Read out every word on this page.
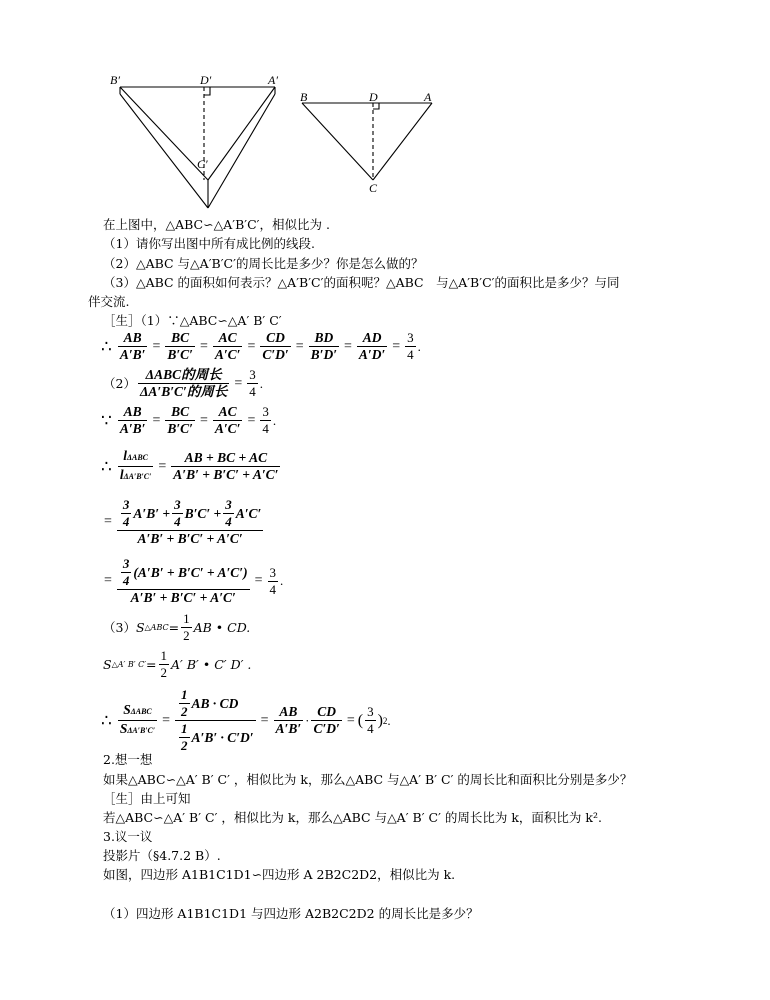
B′	D′	A′
C′
B	D	A
C
在上图中，△ABC∽△A′B′C′，相似比为 .
（1）请你写出图中所有成比例的线段.
（2）△ABC 与△A′B′C′的周长比是多少？你是怎么做的？
（3）△ABC 的面积如何表示？△A′B′C′的面积呢？△ABC　与△A′B′C′的面积比是多少？与同
伴交流.
［生］（1）∵△ABC∽△A′ B′ C′
∴ $\frac{AB}{A'B'} = \frac{BC}{B'C'} = \frac{AC}{A'C'} = \frac{CD}{C'D'} = \frac{BD}{B'D'} = \frac{AD}{A'D'} = \frac{3}{4}$ .
$(2) \frac{\text{ΔABC的周长}}{\text{ΔA′B′C′的周长}} = \frac{3}{4}$ .
∵ $\frac{AB}{A'B'} = \frac{BC}{B'C'} = \frac{AC}{A'C'} = \frac{3}{4}$ .
∴ $\frac{\text{lΔABC}}{\text{lΔA′B′C′}} = \frac{AB + BC + AC}{A'B' + B'C' + A'C'}$
= $\frac{\frac{3}{4} A'B' + \frac{3}{4} B'C' + \frac{3}{4} A'C'}{A'B' + B'C' + A'C'}$
= $\frac{\frac{3}{4} (A'B' + B'C' + A'C')}{A'B' + B'C' + A'C'} = \frac{3}{4}$ .
（3） S △ABC = $\frac{1}{2}$ AB • CD.
S △A′ B′ $C' = \frac{1}{2} A'$ B′ • C′ D′ .
∴ $\frac{\text{SΔABC}}{\text{SΔA′B′C′}} = \frac{\frac{1}{2} AB \cdot CD}{\frac{1}{2} A'B' \cdot C'D'} = \frac{AB}{A'B'} \cdot \frac{CD}{C'D'}$ = ( $\frac{3}{4}$ ) 2 .
2.想一想
如果△ABC∽△A′ B′ C′ ，相似比为 k，那么△ABC 与△A′ B′ C′ 的周长比和面积比分别是多少？
［生］由上可知
若△ABC∽△A′ B′ C′ ，相似比为 k，那么△ABC 与△A′ B′ C′ 的周长比为 k，面积比为 k².
3.议一议
投影片（§4.7.2 B）.
如图，四边形 A1B1C1D1∽四边形 A 2B2C2D2，相似比为 k.
（1）四边形 A1B1C1D1 与四边形 A2B2C2D2 的周长比是多少？
